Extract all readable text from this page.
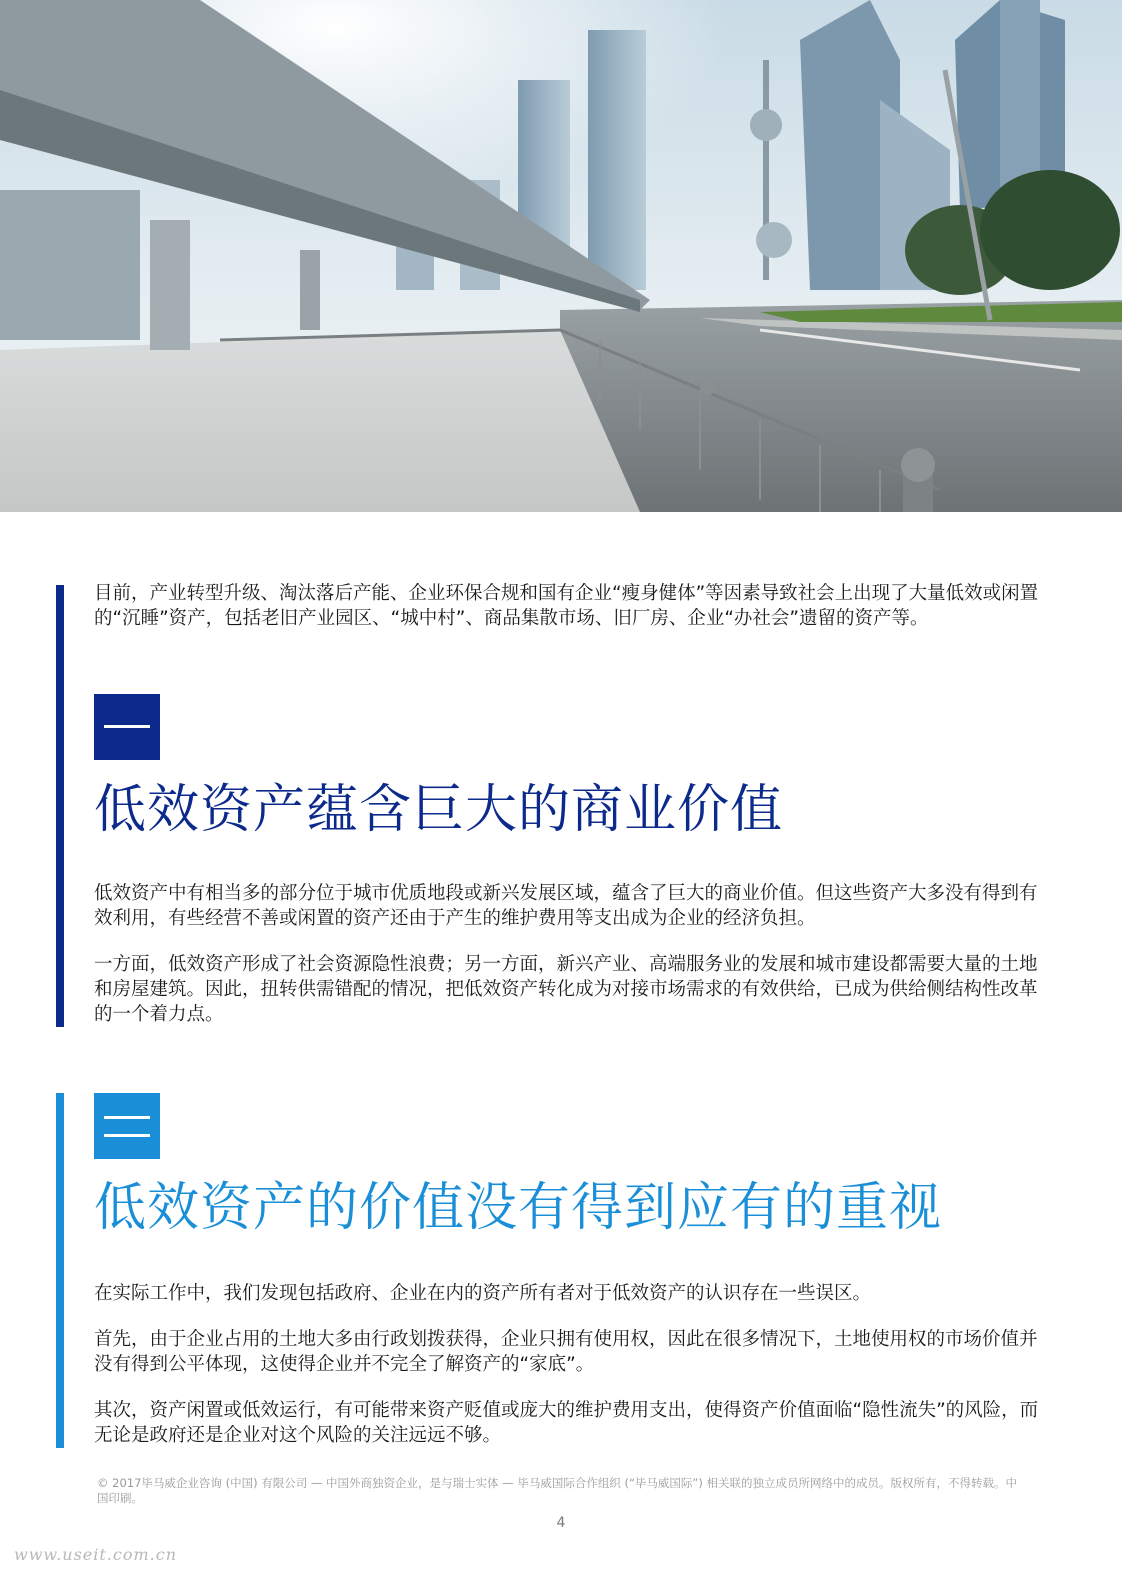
目前，产业转型升级、淘汰落后产能、企业环保合规和国有企业“瘦身健体”等因素导致社会上出现了大量低效或闲置的“沉睡”资产，包括老旧产业园区、“城中村”、商品集散市场、旧厂房、企业“办社会”遗留的资产等。

低效资产蕴含巨大的商业价值

低效资产中有相当多的部分位于城市优质地段或新兴发展区域，蕴含了巨大的商业价值。但这些资产大多没有得到有效利用，有些经营不善或闲置的资产还由于产生的维护费用等支出成为企业的经济负担。

一方面，低效资产形成了社会资源隐性浪费；另一方面，新兴产业、高端服务业的发展和城市建设都需要大量的土地和房屋建筑。因此，扭转供需错配的情况，把低效资产转化成为对接市场需求的有效供给，已成为供给侧结构性改革的一个着力点。

低效资产的价值没有得到应有的重视

在实际工作中，我们发现包括政府、企业在内的资产所有者对于低效资产的认识存在一些误区。

首先，由于企业占用的土地大多由行政划拨获得，企业只拥有使用权，因此在很多情况下，土地使用权的市场价值并没有得到公平体现，这使得企业并不完全了解资产的“家底”。

其次，资产闲置或低效运行，有可能带来资产贬值或庞大的维护费用支出，使得资产价值面临“隐性流失”的风险，而无论是政府还是企业对这个风险的关注远远不够。

© 2017毕马威企业咨询 (中国) 有限公司 — 中国外商独资企业，是与瑞士实体 — 毕马威国际合作组织 (“毕马威国际”) 相关联的独立成员所网络中的成员。版权所有，不得转载。中国印刷。

4
www.useit.com.cn
